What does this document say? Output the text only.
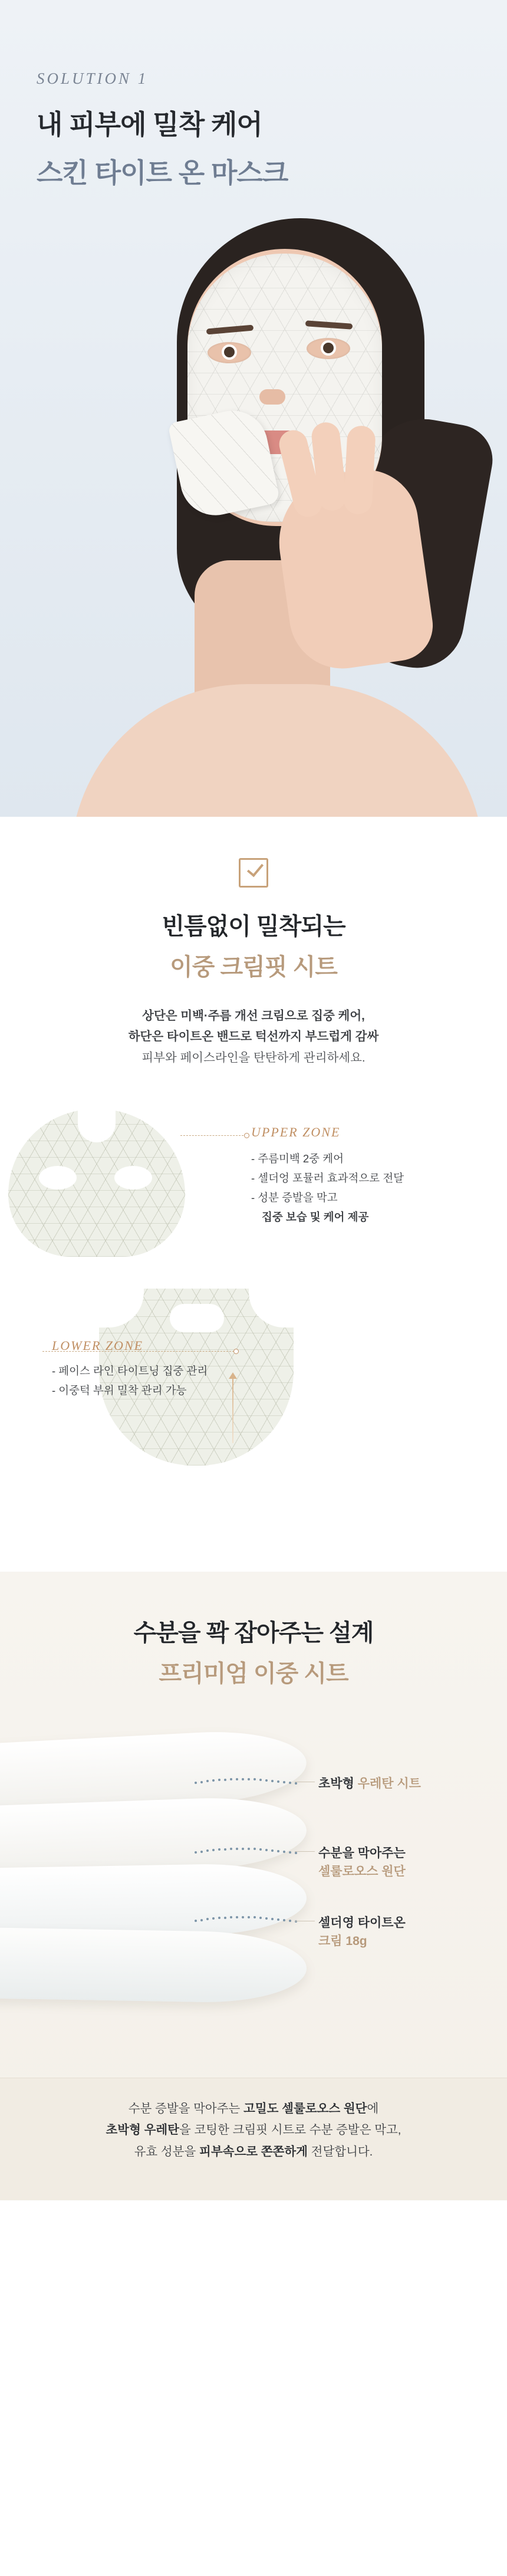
SOLUTION 1
내 피부에 밀착 케어
스킨 타이트 온 마스크
빈틈없이 밀착되는
이중 크림핏 시트
상단은 미백·주름 개선 크림으로 집중 케어,
하단은 타이트온 밴드로 턱선까지 부드럽게 감싸
피부와 페이스라인을 탄탄하게 관리하세요.
UPPER ZONE
- 주름미백 2중 케어
- 셀더엉 포뮬러 효과적으로 전달
- 성분 증발을 막고
집중 보습 및 케어 제공
LOWER ZONE
- 페이스 라인 타이트닝 집중 관리
- 이중턱 부위 밀착 관리 가능
수분을 꽉 잡아주는 설계
프리미엄 이중 시트
초박형 우레탄 시트
수분을 막아주는
셀룰로오스 원단
셀더영 타이트온
크림 18g
수분 증발을 막아주는 고밀도 셀룰로오스 원단에
초박형 우레탄을 코팅한 크림핏 시트로 수분 증발은 막고,
유효 성분을 피부속으로 쫀쫀하게 전달합니다.
